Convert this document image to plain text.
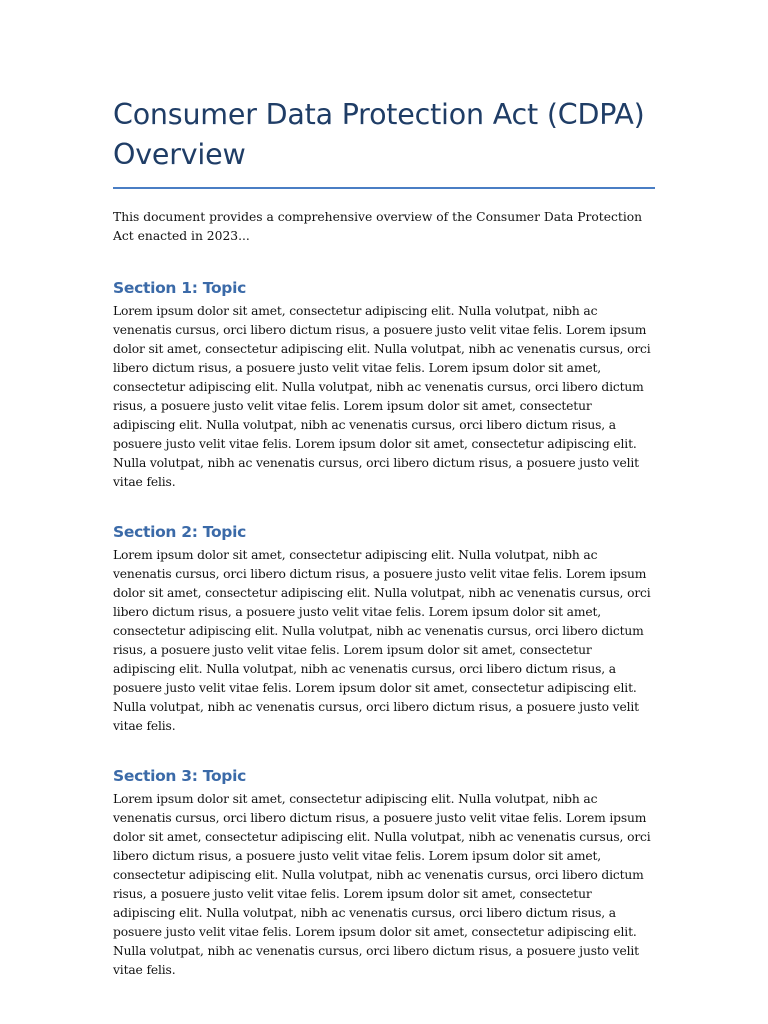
Consumer Data Protection Act (CDPA) Overview

This document provides a comprehensive overview of the Consumer Data Protection Act enacted in 2023...

Section 1: Topic

Lorem ipsum dolor sit amet, consectetur adipiscing elit. Nulla volutpat, nibh ac venenatis cursus, orci libero dictum risus, a posuere justo velit vitae felis. Lorem ipsum dolor sit amet, consectetur adipiscing elit. Nulla volutpat, nibh ac venenatis cursus, orci libero dictum risus, a posuere justo velit vitae felis. Lorem ipsum dolor sit amet, consectetur adipiscing elit. Nulla volutpat, nibh ac venenatis cursus, orci libero dictum risus, a posuere justo velit vitae felis. Lorem ipsum dolor sit amet, consectetur adipiscing elit. Nulla volutpat, nibh ac venenatis cursus, orci libero dictum risus, a posuere justo velit vitae felis. Lorem ipsum dolor sit amet, consectetur adipiscing elit. Nulla volutpat, nibh ac venenatis cursus, orci libero dictum risus, a posuere justo velit vitae felis.

Section 2: Topic

Lorem ipsum dolor sit amet, consectetur adipiscing elit. Nulla volutpat, nibh ac venenatis cursus, orci libero dictum risus, a posuere justo velit vitae felis. Lorem ipsum dolor sit amet, consectetur adipiscing elit. Nulla volutpat, nibh ac venenatis cursus, orci libero dictum risus, a posuere justo velit vitae felis. Lorem ipsum dolor sit amet, consectetur adipiscing elit. Nulla volutpat, nibh ac venenatis cursus, orci libero dictum risus, a posuere justo velit vitae felis. Lorem ipsum dolor sit amet, consectetur adipiscing elit. Nulla volutpat, nibh ac venenatis cursus, orci libero dictum risus, a posuere justo velit vitae felis. Lorem ipsum dolor sit amet, consectetur adipiscing elit. Nulla volutpat, nibh ac venenatis cursus, orci libero dictum risus, a posuere justo velit vitae felis.

Section 3: Topic

Lorem ipsum dolor sit amet, consectetur adipiscing elit. Nulla volutpat, nibh ac venenatis cursus, orci libero dictum risus, a posuere justo velit vitae felis. Lorem ipsum dolor sit amet, consectetur adipiscing elit. Nulla volutpat, nibh ac venenatis cursus, orci libero dictum risus, a posuere justo velit vitae felis. Lorem ipsum dolor sit amet, consectetur adipiscing elit. Nulla volutpat, nibh ac venenatis cursus, orci libero dictum risus, a posuere justo velit vitae felis. Lorem ipsum dolor sit amet, consectetur adipiscing elit. Nulla volutpat, nibh ac venenatis cursus, orci libero dictum risus, a posuere justo velit vitae felis. Lorem ipsum dolor sit amet, consectetur adipiscing elit. Nulla volutpat, nibh ac venenatis cursus, orci libero dictum risus, a posuere justo velit vitae felis.
